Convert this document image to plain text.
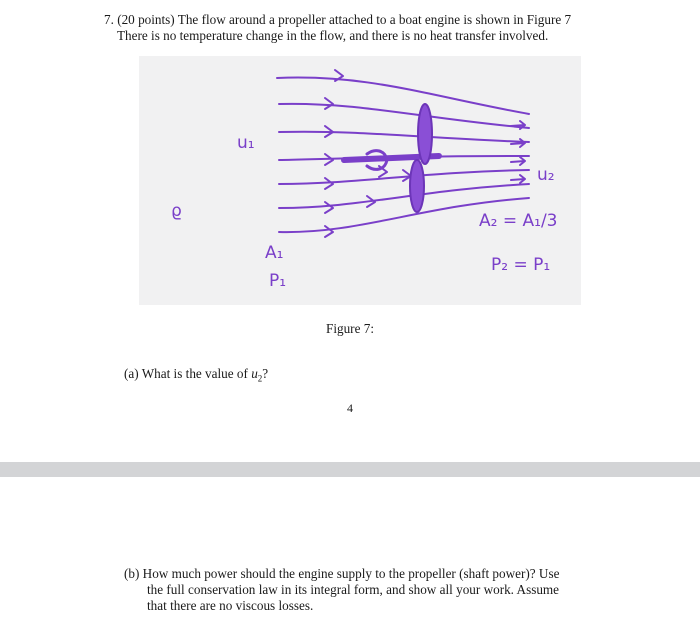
7. (20 points) The flow around a propeller attached to a boat engine is shown in Figure 7
There is no temperature change in the flow, and there is no heat transfer involved.
u₁
u₂
ϱ
A₁
P₁
A₂ = A₁/3
P₂ = P₁
Figure 7:
(a) What is the value of $u_2$?
4
(b) How much power should the engine supply to the propeller (shaft power)? Use
the full conservation law in its integral form, and show all your work. Assume
that there are no viscous losses.
